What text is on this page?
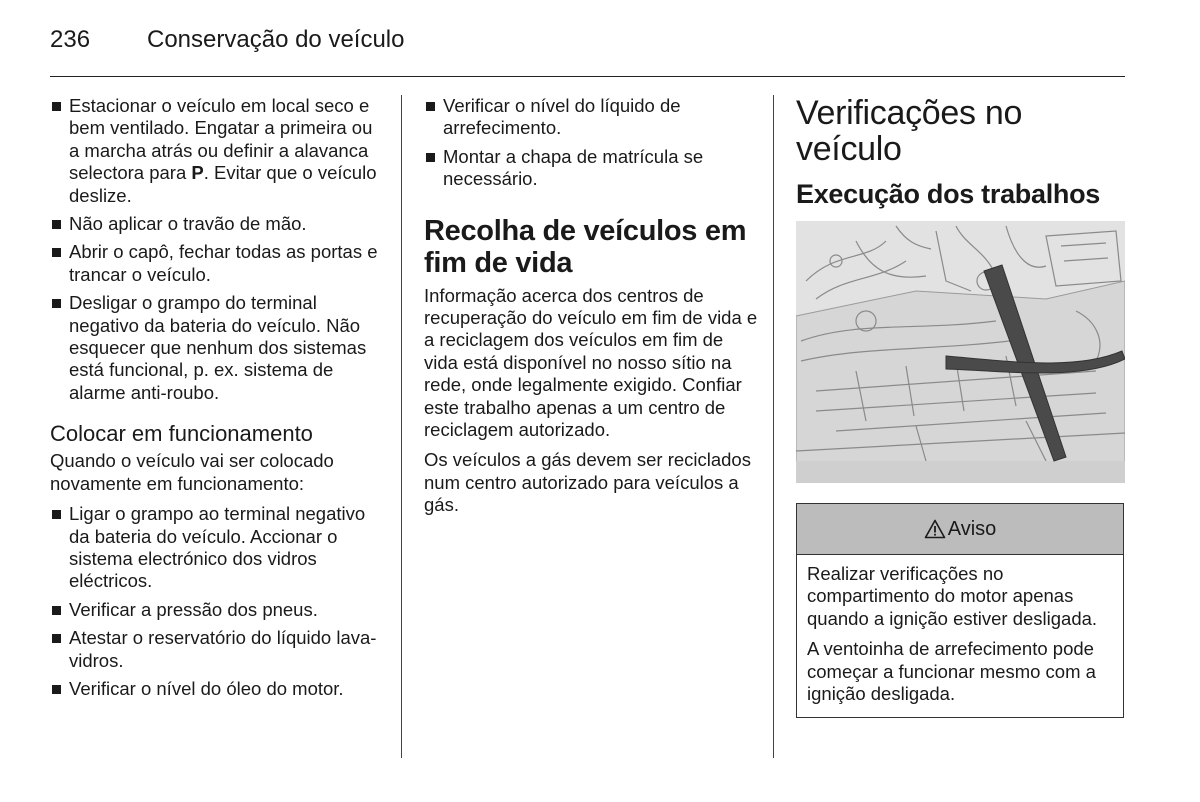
236 Conservação do veículo
Estacionar o veículo em local seco e bem ventilado. Engatar a primeira ou a marcha atrás ou definir a alavanca selectora para P. Evitar que o veículo deslize.
Não aplicar o travão de mão.
Abrir o capô, fechar todas as portas e trancar o veículo.
Desligar o grampo do terminal negativo da bateria do veículo. Não esquecer que nenhum dos sistemas está funcional, p. ex. sistema de alarme anti-roubo.
Colocar em funcionamento

Quando o veículo vai ser colocado novamente em funcionamento:

Ligar o grampo ao terminal negativo da bateria do veículo. Accionar o sistema electrónico dos vidros eléctricos.
Verificar a pressão dos pneus.
Atestar o reservatório do líquido lava-vidros.
Verificar o nível do óleo do motor.
Verificar o nível do líquido de arrefecimento.
Montar a chapa de matrícula se necessário.
Recolha de veículos em fim de vida

Informação acerca dos centros de recuperação do veículo em fim de vida e a reciclagem dos veículos em fim de vida está disponível no nosso sítio na rede, onde legalmente exigido. Confiar este trabalho apenas a um centro de reciclagem autorizado.

Os veículos a gás devem ser reciclados num centro autorizado para veículos a gás.

Verificações no veículo
Execução dos trabalhos
Aviso

Realizar verificações no compartimento do motor apenas quando a ignição estiver desligada.

A ventoinha de arrefecimento pode começar a funcionar mesmo com a ignição desligada.
